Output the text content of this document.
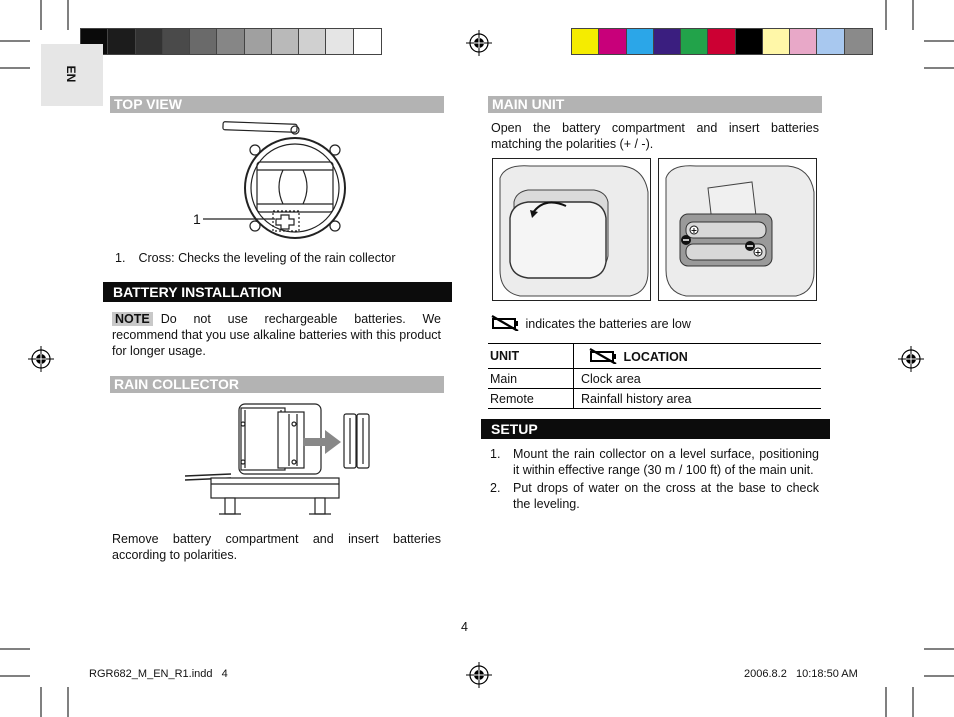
EN
TOP VIEW
1
1. Cross: Checks the leveling of the rain collector
BATTERY INSTALLATION
NOTE Do not use rechargeable batteries. We recommend that you use alkaline batteries with this product for longer usage.
RAIN COLLECTOR
Remove battery compartment and insert batteries according to polarities.
MAIN UNIT
Open the battery compartment and insert batteries matching the polarities (+ / -).
+
+
indicates the batteries are low
UNIT	LOCATION
Main	Clock area
Remote	Rainfall history area
SETUP
1. Mount the rain collector on a level surface, positioning it within effective range (30 m / 100 ft) of the main unit.
2. Put drops of water on the cross at the base to check the leveling.
4
RGR682_M_EN_R1.indd   4	2006.8.2   10:18:50 AM
